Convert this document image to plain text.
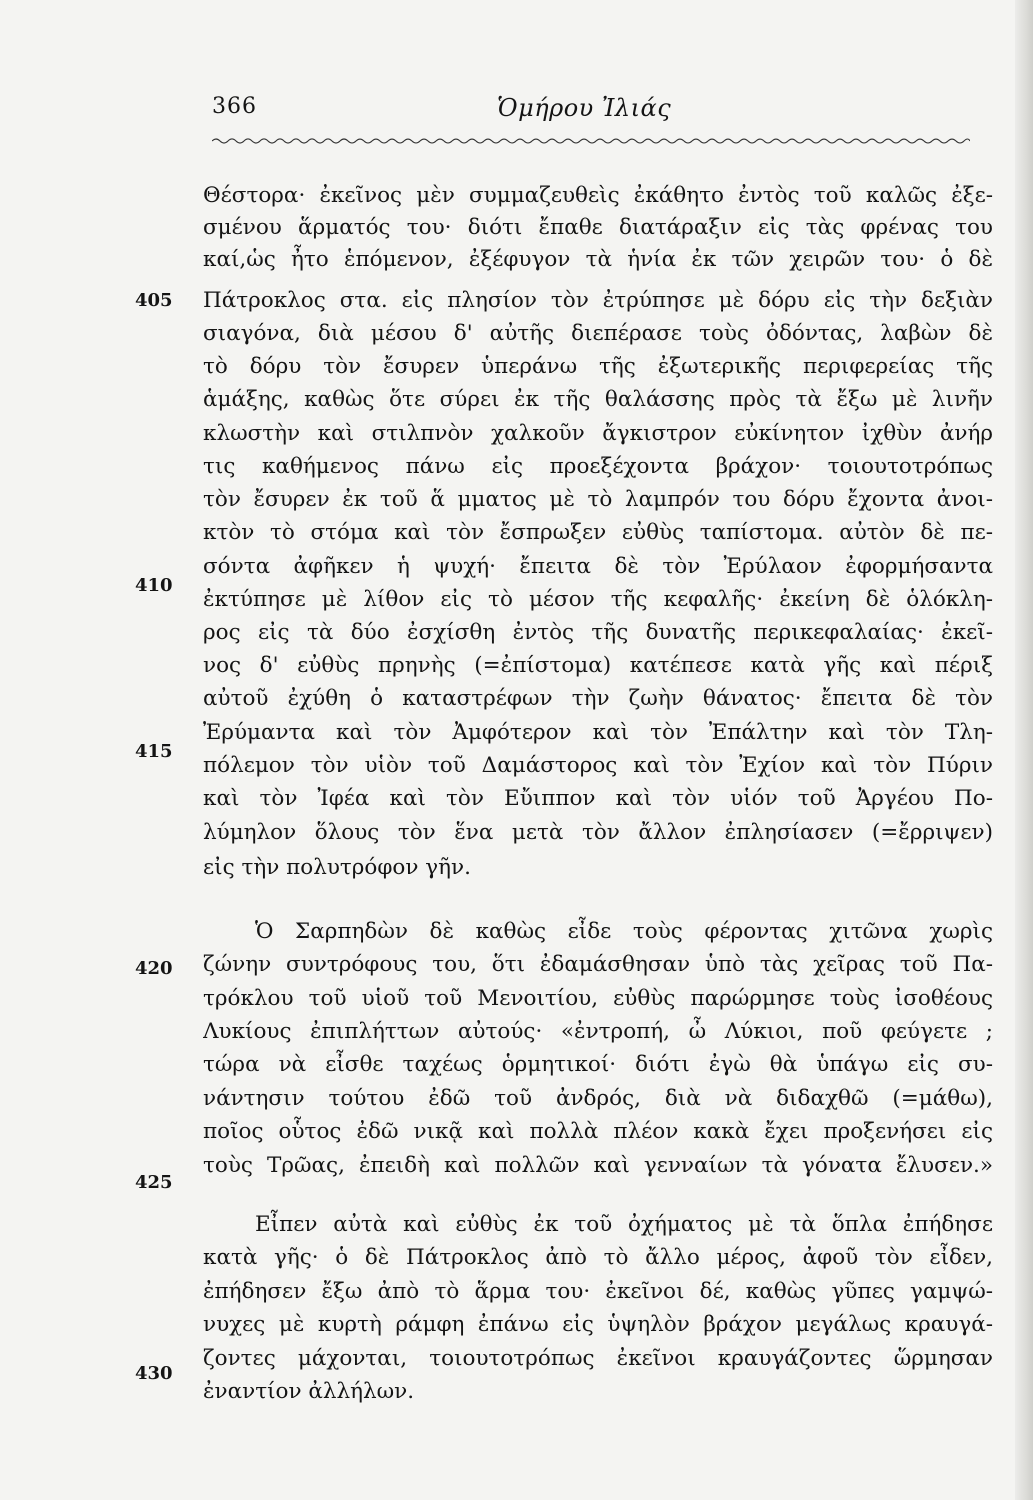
366	Ὁμήρου Ἰλιάς
Θέστορα· ἐκεῖνος μὲν συμμαζευθεὶς ἐκάθητο ἐντὸς τοῦ καλῶς ἐξε-
σμένου ἅρματός του· διότι ἔπαθε διατάραξιν εἰς τὰς φρένας του
καί,ὡς ἦτο ἑπόμενον, ἐξέφυγον τὰ ἡνία ἐκ τῶν χειρῶν του· ὁ δὲ
Πάτροκλος στα. εἰς πλησίον τὸν ἐτρύπησε μὲ δόρυ εἰς τὴν δεξιὰν
σιαγόνα, διὰ μέσου δ' αὐτῆς διεπέρασε τοὺς ὀδόντας, λαβὼν δὲ
τὸ δόρυ τὸν ἔσυρεν ὑπεράνω τῆς ἐξωτερικῆς περιφερείας τῆς
ἁμάξης, καθὼς ὅτε σύρει ἐκ τῆς θαλάσσης πρὸς τὰ ἔξω μὲ λινῆν
κλωστὴν καὶ στιλπνὸν χαλκοῦν ἄγκιστρον εὐκίνητον ἰχθὺν ἀνήρ
τις καθήμενος πάνω εἰς προεξέχοντα βράχον· τοιουτοτρόπως
τὸν ἔσυρεν ἐκ τοῦ ἅ μματος μὲ τὸ λαμπρόν του δόρυ ἔχοντα ἀνοι-
κτὸν τὸ στόμα καὶ τὸν ἔσπρωξεν εὐθὺς ταπίστομα. αὐτὸν δὲ πε-
σόντα ἀφῆκεν ἡ ψυχή· ἔπειτα δὲ τὸν Ἐρύλαον ἐφορμήσαντα
ἐκτύπησε μὲ λίθον εἰς τὸ μέσον τῆς κεφαλῆς· ἐκείνη δὲ ὁλόκλη-
ρος εἰς τὰ δύο ἐσχίσθη ἐντὸς τῆς δυνατῆς περικεφαλαίας· ἐκεῖ-
νος δ' εὐθὺς πρηνὴς (=ἐπίστομα) κατέπεσε κατὰ γῆς καὶ πέριξ
αὐτοῦ ἐχύθη ὁ καταστρέφων τὴν ζωὴν θάνατος· ἔπειτα δὲ τὸν
Ἐρύμαντα καὶ τὸν Ἀμφότερον καὶ τὸν Ἐπάλτην καὶ τὸν Τλη-
πόλεμον τὸν υἱὸν τοῦ Δαμάστορος καὶ τὸν Ἐχίον καὶ τὸν Πύριν
καὶ τὸν Ἰφέα καὶ τὸν Εὔιππον καὶ τὸν υἱόν τοῦ Ἀργέου Πο-
λύμηλον ὅλους τὸν ἕνα μετὰ τὸν ἄλλον ἐπλησίασεν (=ἔρριψεν)
εἰς τὴν πολυτρόφον γῆν.
Ὁ Σαρπηδὼν δὲ καθὼς εἶδε τοὺς φέροντας χιτῶνα χωρὶς
ζώνην συντρόφους του, ὅτι ἐδαμάσθησαν ὑπὸ τὰς χεῖρας τοῦ Πα-
τρόκλου τοῦ υἱοῦ τοῦ Μενοιτίου, εὐθὺς παρώρμησε τοὺς ἰσοθέους
Λυκίους ἐπιπλήττων αὐτούς· «ἐντροπή, ὦ Λύκιοι, ποῦ φεύγετε ;
τώρα νὰ εἶσθε ταχέως ὁρμητικοί· διότι ἐγὼ θὰ ὑπάγω εἰς συ-
νάντησιν τούτου ἐδῶ τοῦ ἀνδρός, διὰ νὰ διδαχθῶ (=μάθω),
ποῖος οὗτος ἐδῶ νικᾷ καὶ πολλὰ πλέον κακὰ ἔχει προξενήσει εἰς
τοὺς Τρῶας, ἐπειδὴ καὶ πολλῶν καὶ γενναίων τὰ γόνατα ἔλυσεν.»
Εἶπεν αὐτὰ καὶ εὐθὺς ἐκ τοῦ ὀχήματος μὲ τὰ ὅπλα ἐπήδησε
κατὰ γῆς· ὁ δὲ Πάτροκλος ἀπὸ τὸ ἄλλο μέρος, ἀφοῦ τὸν εἶδεν,
ἐπήδησεν ἔξω ἀπὸ τὸ ἅρμα του· ἐκεῖνοι δέ, καθὼς γῦπες γαμψώ-
νυχες μὲ κυρτὴ ράμφη ἐπάνω εἰς ὑψηλὸν βράχον μεγάλως κραυγά-
ζοντες μάχονται, τοιουτοτρόπως ἐκεῖνοι κραυγάζοντες ὥρμησαν
ἐναντίον ἀλλήλων.
405
410
415
420
425
430
